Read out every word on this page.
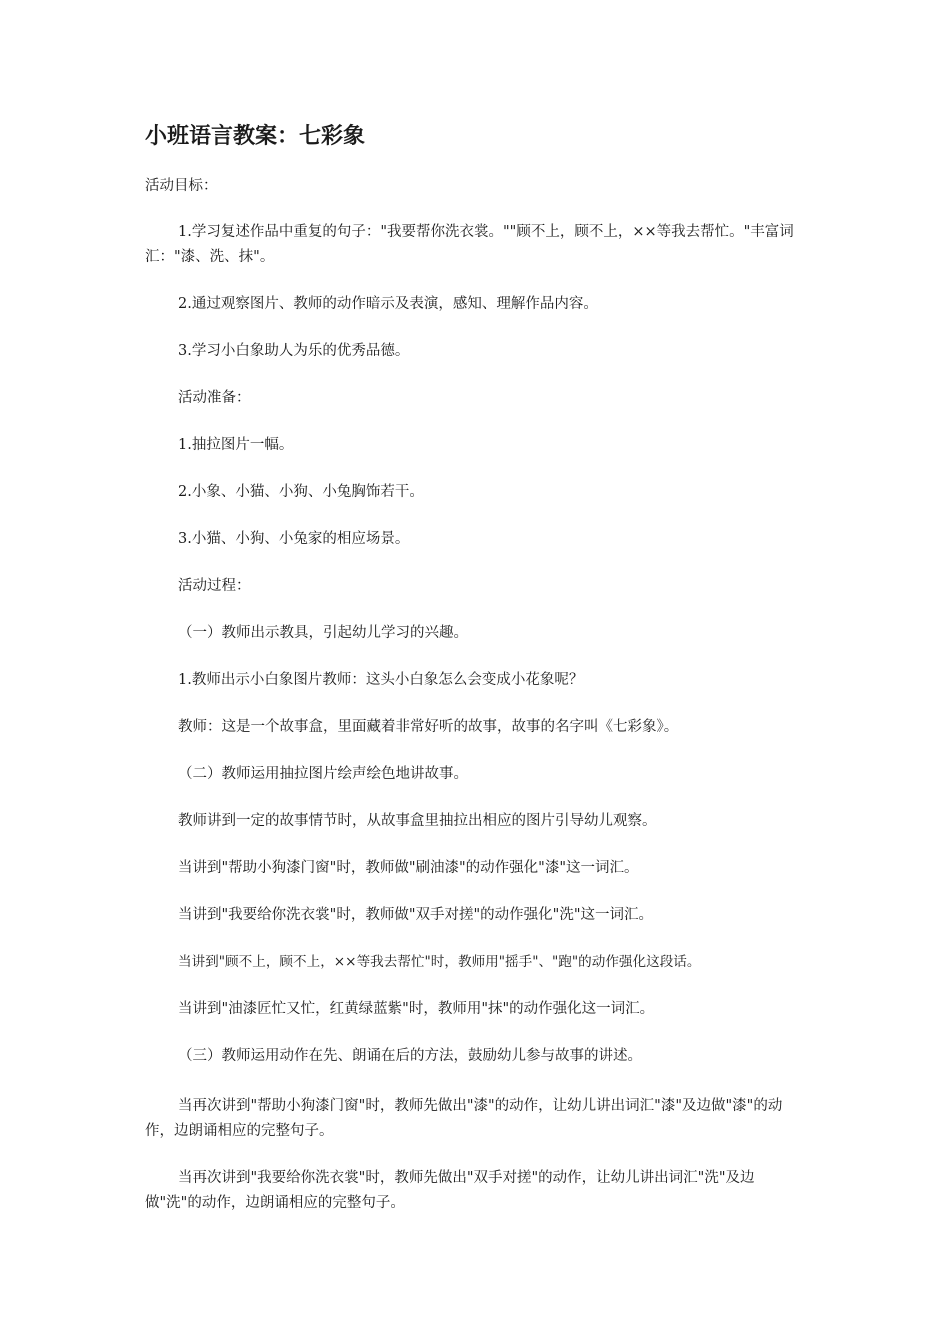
小班语言教案：七彩象

活动目标：

1.学习复述作品中重复的句子："我要帮你洗衣裳。""顾不上，顾不上，××等我去帮忙。"丰富词汇："漆、洗、抹"。

2.通过观察图片、教师的动作暗示及表演，感知、理解作品内容。

3.学习小白象助人为乐的优秀品德。

活动准备：

1.抽拉图片一幅。

2.小象、小猫、小狗、小兔胸饰若干。

3.小猫、小狗、小兔家的相应场景。

活动过程：

（一）教师出示教具，引起幼儿学习的兴趣。

1.教师出示小白象图片教师：这头小白象怎么会变成小花象呢？

教师：这是一个故事盒，里面藏着非常好听的故事，故事的名字叫《七彩象》。

（二）教师运用抽拉图片绘声绘色地讲故事。

教师讲到一定的故事情节时，从故事盒里抽拉出相应的图片引导幼儿观察。

当讲到"帮助小狗漆门窗"时，教师做"刷油漆"的动作强化"漆"这一词汇。

当讲到"我要给你洗衣裳"时，教师做"双手对搓"的动作强化"洗"这一词汇。

当讲到"顾不上，顾不上，××等我去帮忙"时，教师用"摇手"、"跑"的动作强化这段话。

当讲到"油漆匠忙又忙，红黄绿蓝紫"时，教师用"抹"的动作强化这一词汇。

（三）教师运用动作在先、朗诵在后的方法，鼓励幼儿参与故事的讲述。

当再次讲到"帮助小狗漆门窗"时，教师先做出"漆"的动作，让幼儿讲出词汇"漆"及边做"漆"的动作，边朗诵相应的完整句子。

当再次讲到"我要给你洗衣裳"时，教师先做出"双手对搓"的动作，让幼儿讲出词汇"洗"及边做"洗"的动作，边朗诵相应的完整句子。
